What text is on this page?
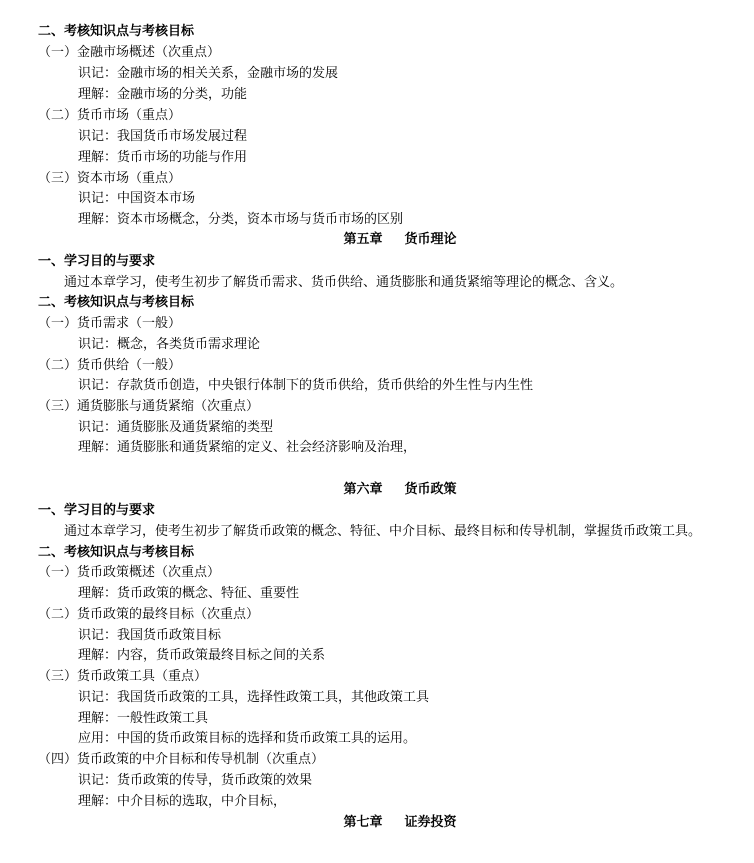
二、考核知识点与考核目标
（一）金融市场概述（次重点）
识记：金融市场的相关关系，金融市场的发展
理解：金融市场的分类，功能
（二）货币市场（重点）
识记：我国货币市场发展过程
理解：货币市场的功能与作用
（三）资本市场（重点）
识记：中国资本市场
理解：资本市场概念，分类，资本市场与货币市场的区别
第五章 货币理论
一、学习目的与要求
通过本章学习，使考生初步了解货币需求、货币供给、通货膨胀和通货紧缩等理论的概念、含义。
二、考核知识点与考核目标
（一）货币需求（一般）
识记：概念，各类货币需求理论
（二）货币供给（一般）
识记：存款货币创造，中央银行体制下的货币供给，货币供给的外生性与内生性
（三）通货膨胀与通货紧缩（次重点）
识记：通货膨胀及通货紧缩的类型
理解：通货膨胀和通货紧缩的定义、社会经济影响及治理，
第六章 货币政策
一、学习目的与要求
通过本章学习，使考生初步了解货币政策的概念、特征、中介目标、最终目标和传导机制，掌握货币政策工具。
二、考核知识点与考核目标
（一）货币政策概述（次重点）
理解：货币政策的概念、特征、重要性
（二）货币政策的最终目标（次重点）
识记：我国货币政策目标
理解：内容，货币政策最终目标之间的关系
（三）货币政策工具（重点）
识记：我国货币政策的工具，选择性政策工具，其他政策工具
理解：一般性政策工具
应用：中国的货币政策目标的选择和货币政策工具的运用。
（四）货币政策的中介目标和传导机制（次重点）
识记：货币政策的传导，货币政策的效果
理解：中介目标的选取，中介目标，
第七章 证券投资
